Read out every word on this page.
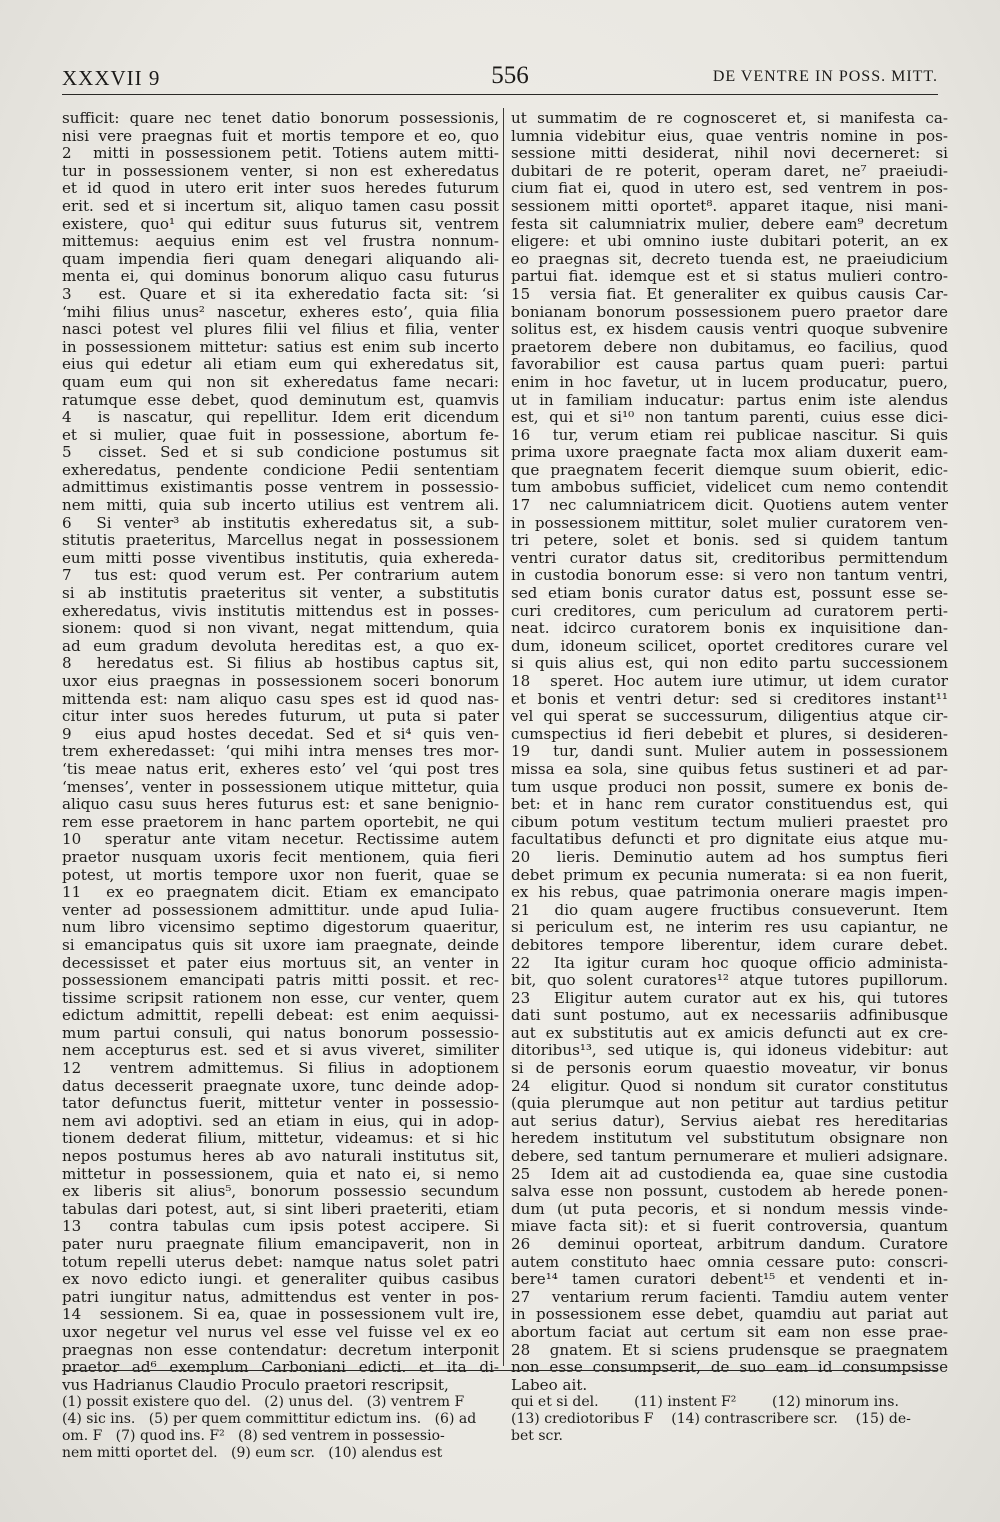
XXXVII 9	556	DE VENTRE IN POSS. MITT.
sufficit: quare nec tenet datio bonorum possessionis,
nisi vere praegnas fuit et mortis tempore et eo, quo
2  mitti in possessionem petit. Totiens autem mitti-
tur in possessionem venter, si non est exheredatus
et id quod in utero erit inter suos heredes futurum
erit. sed et si incertum sit, aliquo tamen casu possit
existere, quo¹ qui editur suus futurus sit, ventrem
mittemus: aequius enim est vel frustra nonnum-
quam impendia fieri quam denegari aliquando ali-
menta ei, qui dominus bonorum aliquo casu futurus
3  est. Quare et si ita exheredatio facta sit: ‘si
‘mihi filius unus² nascetur, exheres esto’, quia filia
nasci potest vel plures filii vel filius et filia, venter
in possessionem mittetur: satius est enim sub incerto
eius qui edetur ali etiam eum qui exheredatus sit,
quam eum qui non sit exheredatus fame necari:
ratumque esse debet, quod deminutum est, quamvis
4  is nascatur, qui repellitur. Idem erit dicendum
et si mulier, quae fuit in possessione, abortum fe-
5  cisset. Sed et si sub condicione postumus sit
exheredatus, pendente condicione Pedii sententiam
admittimus existimantis posse ventrem in possessio-
nem mitti, quia sub incerto utilius est ventrem ali.
6  Si venter³ ab institutis exheredatus sit, a sub-
stitutis praeteritus, Marcellus negat in possessionem
eum mitti posse viventibus institutis, quia exhereda-
7  tus est: quod verum est. Per contrarium autem
si ab institutis praeteritus sit venter, a substitutis
exheredatus, vivis institutis mittendus est in posses-
sionem: quod si non vivant, negat mittendum, quia
ad eum gradum devoluta hereditas est, a quo ex-
8  heredatus est. Si filius ab hostibus captus sit,
uxor eius praegnas in possessionem soceri bonorum
mittenda est: nam aliquo casu spes est id quod nas-
citur inter suos heredes futurum, ut puta si pater
9  eius apud hostes decedat. Sed et si⁴ quis ven-
trem exheredasset: ‘qui mihi intra menses tres mor-
‘tis meae natus erit, exheres esto’ vel ‘qui post tres
‘menses’, venter in possessionem utique mittetur, quia
aliquo casu suus heres futurus est: et sane benignio-
rem esse praetorem in hanc partem oportebit, ne qui
10  speratur ante vitam necetur. Rectissime autem
praetor nusquam uxoris fecit mentionem, quia fieri
potest, ut mortis tempore uxor non fuerit, quae se
11  ex eo praegnatem dicit. Etiam ex emancipato
venter ad possessionem admittitur. unde apud Iulia-
num libro vicensimo septimo digestorum quaeritur,
si emancipatus quis sit uxore iam praegnate, deinde
decessisset et pater eius mortuus sit, an venter in
possessionem emancipati patris mitti possit. et rec-
tissime scripsit rationem non esse, cur venter, quem
edictum admittit, repelli debeat: est enim aequissi-
mum partui consuli, qui natus bonorum possessio-
nem accepturus est. sed et si avus viveret, similiter
12  ventrem admittemus. Si filius in adoptionem
datus decesserit praegnate uxore, tunc deinde adop-
tator defunctus fuerit, mittetur venter in possessio-
nem avi adoptivi. sed an etiam in eius, qui in adop-
tionem dederat filium, mittetur, videamus: et si hic
nepos postumus heres ab avo naturali institutus sit,
mittetur in possessionem, quia et nato ei, si nemo
ex liberis sit alius⁵, bonorum possessio secundum
tabulas dari potest, aut, si sint liberi praeteriti, etiam
13  contra tabulas cum ipsis potest accipere. Si
pater nuru praegnate filium emancipaverit, non in
totum repelli uterus debet: namque natus solet patri
ex novo edicto iungi. et generaliter quibus casibus
patri iungitur natus, admittendus est venter in pos-
14  sessionem. Si ea, quae in possessionem vult ire,
uxor negetur vel nurus vel esse vel fuisse vel ex eo
praegnas non esse contendatur: decretum interponit
praetor ad⁶ exemplum Carboniani edicti. et ita di-
vus Hadrianus Claudio Proculo praetori rescripsit,
ut summatim de re cognosceret et, si manifesta ca-
lumnia videbitur eius, quae ventris nomine in pos-
sessione mitti desiderat, nihil novi decerneret: si
dubitari de re poterit, operam daret, ne⁷ praeiudi-
cium fiat ei, quod in utero est, sed ventrem in pos-
sessionem mitti oportet⁸. apparet itaque, nisi mani-
festa sit calumniatrix mulier, debere eam⁹ decretum
eligere: et ubi omnino iuste dubitari poterit, an ex
eo praegnas sit, decreto tuenda est, ne praeiudicium
partui fiat. idemque est et si status mulieri contro-
15  versia fiat. Et generaliter ex quibus causis Car-
bonianam bonorum possessionem puero praetor dare
solitus est, ex hisdem causis ventri quoque subvenire
praetorem debere non dubitamus, eo facilius, quod
favorabilior est causa partus quam pueri: partui
enim in hoc favetur, ut in lucem producatur, puero,
ut in familiam inducatur: partus enim iste alendus
est, qui et si¹⁰ non tantum parenti, cuius esse dici-
16  tur, verum etiam rei publicae nascitur. Si quis
prima uxore praegnate facta mox aliam duxerit eam-
que praegnatem fecerit diemque suum obierit, edic-
tum ambobus sufficiet, videlicet cum nemo contendit
17  nec calumniatricem dicit. Quotiens autem venter
in possessionem mittitur, solet mulier curatorem ven-
tri petere, solet et bonis. sed si quidem tantum
ventri curator datus sit, creditoribus permittendum
in custodia bonorum esse: si vero non tantum ventri,
sed etiam bonis curator datus est, possunt esse se-
curi creditores, cum periculum ad curatorem perti-
neat. idcirco curatorem bonis ex inquisitione dan-
dum, idoneum scilicet, oportet creditores curare vel
si quis alius est, qui non edito partu successionem
18  speret. Hoc autem iure utimur, ut idem curator
et bonis et ventri detur: sed si creditores instant¹¹
vel qui sperat se successurum, diligentius atque cir-
cumspectius id fieri debebit et plures, si desideren-
19  tur, dandi sunt. Mulier autem in possessionem
missa ea sola, sine quibus fetus sustineri et ad par-
tum usque produci non possit, sumere ex bonis de-
bet: et in hanc rem curator constituendus est, qui
cibum potum vestitum tectum mulieri praestet pro
facultatibus defuncti et pro dignitate eius atque mu-
20  lieris. Deminutio autem ad hos sumptus fieri
debet primum ex pecunia numerata: si ea non fuerit,
ex his rebus, quae patrimonia onerare magis impen-
21  dio quam augere fructibus consueverunt. Item
si periculum est, ne interim res usu capiantur, ne
debitores tempore liberentur, idem curare debet.
22  Ita igitur curam hoc quoque officio administa-
bit, quo solent curatores¹² atque tutores pupillorum.
23  Eligitur autem curator aut ex his, qui tutores
dati sunt postumo, aut ex necessariis adfinibusque
aut ex substitutis aut ex amicis defuncti aut ex cre-
ditoribus¹³, sed utique is, qui idoneus videbitur: aut
si de personis eorum quaestio moveatur, vir bonus
24  eligitur. Quod si nondum sit curator constitutus
(quia plerumque aut non petitur aut tardius petitur
aut serius datur), Servius aiebat res hereditarias
heredem institutum vel substitutum obsignare non
debere, sed tantum pernumerare et mulieri adsignare.
25  Idem ait ad custodienda ea, quae sine custodia
salva esse non possunt, custodem ab herede ponen-
dum (ut puta pecoris, et si nondum messis vinde-
miave facta sit): et si fuerit controversia, quantum
26  deminui oporteat, arbitrum dandum. Curatore
autem constituto haec omnia cessare puto: conscri-
bere¹⁴ tamen curatori debent¹⁵ et vendenti et in-
27  ventarium rerum facienti. Tamdiu autem venter
in possessionem esse debet, quamdiu aut pariat aut
abortum faciat aut certum sit eam non esse prae-
28  gnatem. Et si sciens prudensque se praegnatem
non esse consumpserit, de suo eam id consumpsisse
Labeo ait.
(1) possit existere quo del.   (2) unus del.   (3) ventrem F
(4) sic ins.   (5) per quem committitur edictum ins.   (6) ad
om. F   (7) quod ins. F²   (8) sed ventrem in possessio-
nem mitti oportet del.   (9) eum scr.   (10) alendus est
qui et si del.        (11) instent F²        (12) minorum ins.
(13) crediotoribus F    (14) contrascribere scr.    (15) de-
bet scr.
